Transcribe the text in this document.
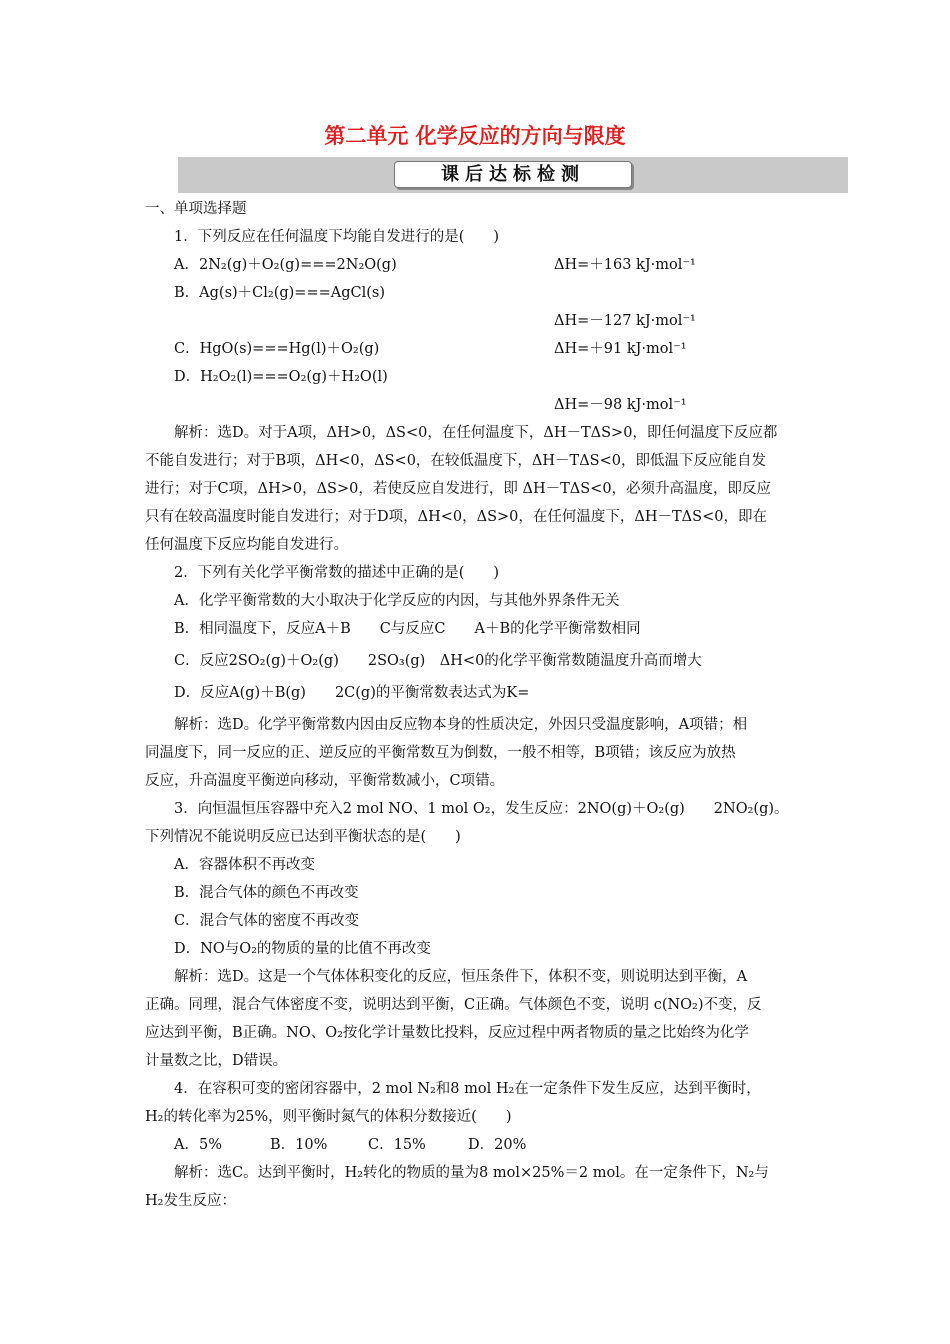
第二单元 化学反应的方向与限度
课后达标检测
一、单项选择题
1．下列反应在任何温度下均能自发进行的是(　　)
A．2N₂(g)＋O₂(g)===2N₂O(g)	ΔH=＋163 kJ·mol⁻¹
B．Ag(s)＋Cl₂(g)===AgCl(s)
ΔH=－127 kJ·mol⁻¹
C．HgO(s)===Hg(l)＋O₂(g)	ΔH=＋91 kJ·mol⁻¹
D．H₂O₂(l)===O₂(g)＋H₂O(l)
ΔH=－98 kJ·mol⁻¹
解析：选D。对于A项，ΔH>0，ΔS<0，在任何温度下，ΔH－TΔS>0，即任何温度下反应都
不能自发进行；对于B项，ΔH<0，ΔS<0，在较低温度下，ΔH－TΔS<0，即低温下反应能自发
进行；对于C项，ΔH>0，ΔS>0，若使反应自发进行，即 ΔH－TΔS<0，必须升高温度，即反应
只有在较高温度时能自发进行；对于D项，ΔH<0，ΔS>0，在任何温度下，ΔH－TΔS<0，即在
任何温度下反应均能自发进行。
2．下列有关化学平衡常数的描述中正确的是(　　)
A．化学平衡常数的大小取决于化学反应的内因，与其他外界条件无关
B．相同温度下，反应A＋B　　C与反应C　　A＋B的化学平衡常数相同
C．反应2SO₂(g)＋O₂(g)　　2SO₃(g)　ΔH<0的化学平衡常数随温度升高而增大
D．反应A(g)＋B(g)　　2C(g)的平衡常数表达式为K=
解析：选D。化学平衡常数内因由反应物本身的性质决定，外因只受温度影响，A项错；相
同温度下，同一反应的正、逆反应的平衡常数互为倒数，一般不相等，B项错；该反应为放热
反应，升高温度平衡逆向移动，平衡常数减小，C项错。
3．向恒温恒压容器中充入2 mol NO、1 mol O₂，发生反应：2NO(g)＋O₂(g)　　2NO₂(g)。
下列情况不能说明反应已达到平衡状态的是(　　)
A．容器体积不再改变
B．混合气体的颜色不再改变
C．混合气体的密度不再改变
D．NO与O₂的物质的量的比值不再改变
解析：选D。这是一个气体体积变化的反应，恒压条件下，体积不变，则说明达到平衡，A
正确。同理，混合气体密度不变，说明达到平衡，C正确。气体颜色不变，说明 c(NO₂)不变，反
应达到平衡，B正确。NO、O₂按化学计量数比投料，反应过程中两者物质的量之比始终为化学
计量数之比，D错误。
4．在容积可变的密闭容器中，2 mol N₂和8 mol H₂在一定条件下发生反应，达到平衡时，
H₂的转化率为25%，则平衡时氮气的体积分数接近(　　)
A．5%	B．10%	C．15%	D．20%
解析：选C。达到平衡时，H₂转化的物质的量为8 mol×25%＝2 mol。在一定条件下，N₂与
H₂发生反应：
